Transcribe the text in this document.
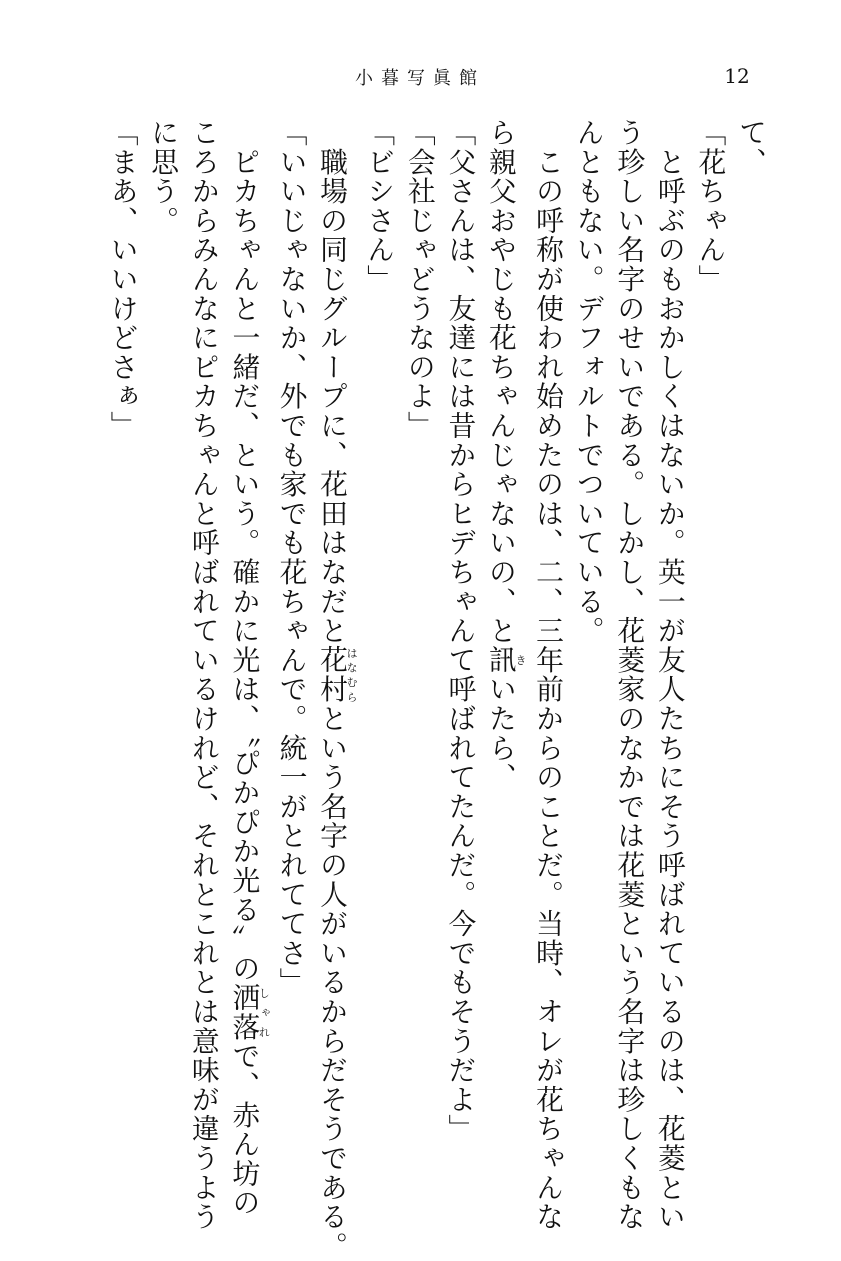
小暮写眞館	12
て、
「花ちゃん」
　と呼ぶのもおかしくはないか。英一が友人たちにそう呼ばれているのは、花菱とい
う珍しい名字のせいである。しかし、花菱家のなかでは花菱という名字は珍しくもな
んともない。デフォルトでついている。
　この呼称が使われ始めたのは、二、三年前からのことだ。当時、オレが花ちゃんな
ら親父おやじも花ちゃんじゃないの、と訊きいたら、
「父さんは、友達には昔からヒデちゃんて呼ばれてたんだ。今でもそうだよ」
「会社じゃどうなのよ」
「ビシさん」
　職場の同じグループに、花田はなだと花村はなむらという名字の人がいるからだそうである。
「いいじゃないか、外でも家でも花ちゃんで。統一がとれててさ」
　ピカちゃんと一緒だ、という。確かに光は、〝ぴかぴか光る〟の洒落しゃれで、赤ん坊の
ころからみんなにピカちゃんと呼ばれているけれど、それとこれとは意味が違うよう
に思う。
「まあ、いいけどさぁ」
